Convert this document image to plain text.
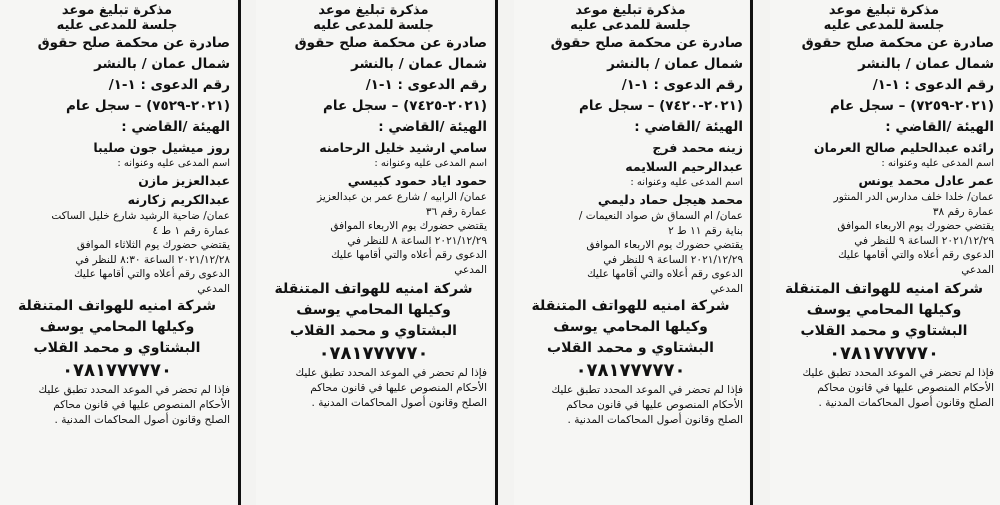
مذكرة تبليغ موعد
جلسة للمدعى عليه
صادرة عن محكمة صلح حقوق
شمال عمان / بالنشر
رقم الدعوى : ١-١/
(٢٠٢١-٧٢٥٩) – سجل عام
الهيئة /القاضي :
رائده عبدالحليم صالح العرمان
اسم المدعى عليه وعنوانه :
عمر عادل محمد يونس
عمان/ خلدا خلف مدارس الدر المنثور
عمارة رقم ٣٨
يقتضي حضورك يوم الاربعاء الموافق
٢٠٢١/١٢/٢٩ الساعة ٩ للنظر في
الدعوى رقم أعلاه والتي أقامها عليك
المدعي
شركة امنيه للهواتف المتنقلة
وكيلها المحامي يوسف
البشتاوي و محمد القلاب
٠٧٨١٧٧٧٧٧٠
فإذا لم تحضر في الموعد المحدد تطبق عليك
الأحكام المنصوص عليها في قانون محاكم
الصلح وقانون أصول المحاكمات المدنية .
مذكرة تبليغ موعد
جلسة للمدعى عليه
صادرة عن محكمة صلح حقوق
شمال عمان / بالنشر
رقم الدعوى : ١-١/
(٢٠٢١-٧٤٢٠) – سجل عام
الهيئة /القاضي :
زينه محمد فرج
عبدالرحيم السلايمه
اسم المدعى عليه وعنوانه :
محمد هيجل حماد دليمي
عمان/ ام السماق ش صواد النعيمات /
بناية رقم ١١ ط ٢
يقتضي حضورك يوم الاربعاء الموافق
٢٠٢١/١٢/٢٩ الساعة ٩ للنظر في
الدعوى رقم أعلاه والتي أقامها عليك
المدعي
شركة امنيه للهواتف المتنقلة
وكيلها المحامي يوسف
البشتاوي و محمد القلاب
٠٧٨١٧٧٧٧٧٠
فإذا لم تحضر في الموعد المحدد تطبق عليك
الأحكام المنصوص عليها في قانون محاكم
الصلح وقانون أصول المحاكمات المدنية .
مذكرة تبليغ موعد
جلسة للمدعى عليه
صادرة عن محكمة صلح حقوق
شمال عمان / بالنشر
رقم الدعوى : ١-١/
(٢٠٢١-٧٤٢٥) – سجل عام
الهيئة /القاضي :
سامي ارشيد خليل الرحامنه
اسم المدعى عليه وعنوانه :
حمود اياد حمود كبيسي
عمان/ الرابيه / شارع عمر بن عبدالعزيز
عمارة رقم ٣٦
يقتضي حضورك يوم الاربعاء الموافق
٢٠٢١/١٢/٢٩ الساعة ٨ للنظر في
الدعوى رقم أعلاه والتي أقامها عليك
المدعي
شركة امنيه للهواتف المتنقلة
وكيلها المحامي يوسف
البشتاوي و محمد القلاب
٠٧٨١٧٧٧٧٧٠
فإذا لم تحضر في الموعد المحدد تطبق عليك
الأحكام المنصوص عليها في قانون محاكم
الصلح وقانون أصول المحاكمات المدنية .
مذكرة تبليغ موعد
جلسة للمدعى عليه
صادرة عن محكمة صلح حقوق
شمال عمان / بالنشر
رقم الدعوى : ١-١/
(٢٠٢١-٧٥٢٩) – سجل عام
الهيئة /القاضي :
روز ميشيل جون صليبا
اسم المدعى عليه وعنوانه :
عبدالعزيز مازن
عبدالكريم زكارنه
عمان/ ضاحية الرشيد شارع خليل الساكت
عمارة رقم ١ ط ٤
يقتضي حضورك يوم الثلاثاء الموافق
٢٠٢١/١٢/٢٨ الساعة ٨:٣٠ للنظر في
الدعوى رقم أعلاه والتي أقامها عليك
المدعي
شركة امنيه للهواتف المتنقلة
وكيلها المحامي يوسف
البشتاوي و محمد القلاب
٠٧٨١٧٧٧٧٧٠
فإذا لم تحضر في الموعد المحدد تطبق عليك
الأحكام المنصوص عليها في قانون محاكم
الصلح وقانون أصول المحاكمات المدنية .
